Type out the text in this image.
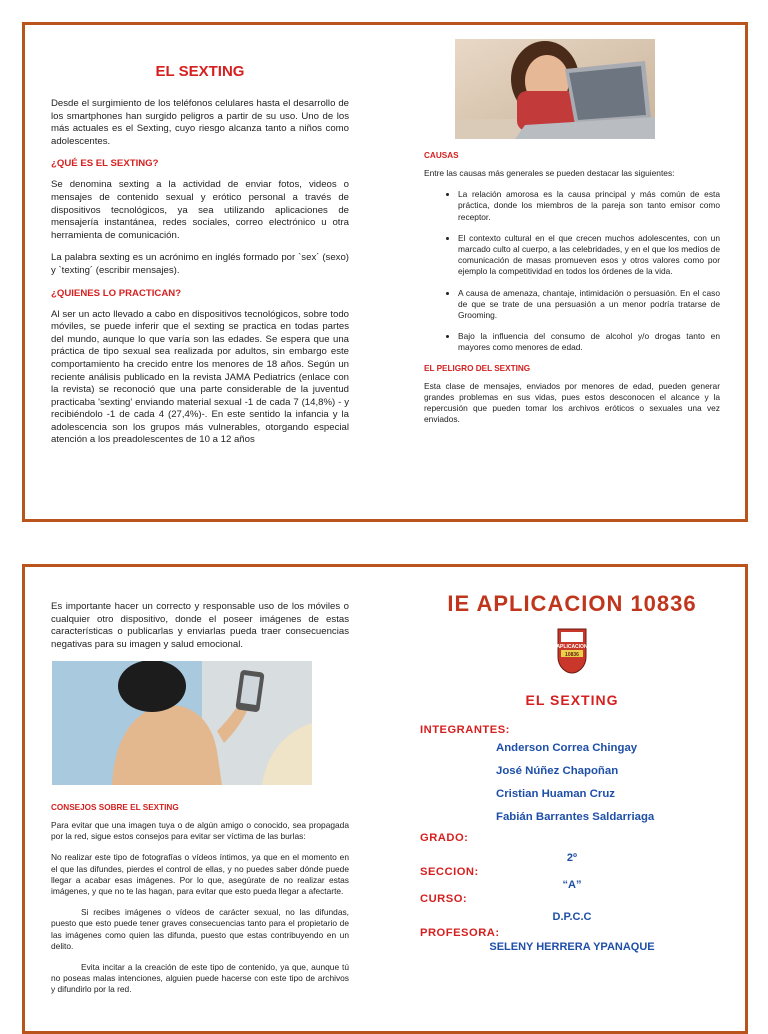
EL SEXTING

Desde el surgimiento de los teléfonos celulares hasta el desarrollo de los smartphones han surgido peligros a partir de su uso. Uno de los más actuales es el Sexting, cuyo riesgo alcanza tanto a niños como adolescentes.

¿QUÉ ES EL SEXTING?

Se denomina sexting a la actividad de enviar fotos, videos o mensajes de contenido sexual y erótico personal a través de dispositivos tecnológicos, ya sea utilizando aplicaciones de mensajería instantánea, redes sociales, correo electrónico u otra herramienta de comunicación.

La palabra sexting es un acrónimo en inglés formado por `sex´ (sexo) y `texting´ (escribir mensajes).

¿QUIENES LO PRACTICAN?

Al ser un acto llevado a cabo en dispositivos tecnológicos, sobre todo móviles, se puede inferir que el sexting se practica en todas partes del mundo, aunque lo que varía son las edades. Se espera que una práctica de tipo sexual sea realizada por adultos, sin embargo este comportamiento ha crecido entre los menores de 18 años. Según un reciente análisis publicado en la revista JAMA Pediatrics (enlace con la revista) se reconoció que una parte considerable de la juventud practicaba 'sexting' enviando material sexual -1 de cada 7 (14,8%) - y recibiéndolo -1 de cada 4 (27,4%)-. En este sentido la infancia y la adolescencia son los grupos más vulnerables, otorgando especial atención a los preadolescentes de 10 a 12 años

CAUSAS

Entre las causas más generales se pueden destacar las siguientes:

• La relación amorosa es la causa principal y más común de esta práctica, donde los miembros de la pareja son tanto emisor como receptor.
• El contexto cultural en el que crecen muchos adolescentes, con un marcado culto al cuerpo, a las celebridades, y en el que los medios de comunicación de masas promueven esos y otros valores como por ejemplo la competitividad en todos los órdenes de la vida.
• A causa de amenaza, chantaje, intimidación o persuasión. En el caso de que se trate de una persuasión a un menor podría tratarse de Grooming.
• Bajo la influencia del consumo de alcohol y/o drogas tanto en mayores como menores de edad.
EL PELIGRO DEL SEXTING

Esta clase de mensajes, enviados por menores de edad, pueden generar grandes problemas en sus vidas, pues estos desconocen el alcance y la repercusión que pueden tomar los archivos eróticos o sexuales una vez enviados.

Es importante hacer un correcto y responsable uso de los móviles o cualquier otro dispositivo, donde el poseer imágenes de estas características o publicarlas y enviarlas pueda traer consecuencias negativas para su imagen y salud emocional.

CONSEJOS SOBRE EL SEXTING

Para evitar que una imagen tuya o de algún amigo o conocido, sea propagada por la red, sigue estos consejos para evitar ser víctima de las burlas:

No realizar este tipo de fotografías o vídeos íntimos, ya que en el momento en el que las difundes, pierdes el control de ellas, y no puedes saber dónde puede llegar a acabar esas imágenes. Por lo que, asegúrate de no realizar estas imágenes, y que no te las hagan, para evitar que esto pueda llegar a afectarte.

Si recibes imágenes o vídeos de carácter sexual, no las difundas, puesto que esto puede tener graves consecuencias tanto para el propietario de las imágenes como quien las difunda, puesto que estas contribuyendo en un delito.

Evita incitar a la creación de este tipo de contenido, ya que, aunque tú no poseas malas intenciones, alguien puede hacerse con este tipo de archivos y difundirlo por la red.

IE APLICACION 10836
APLICACION
10836
EL SEXTING
INTEGRANTES:
Anderson Correa Chingay
José Núñez Chapoñan
Cristian Huaman Cruz
Fabián Barrantes Saldarriaga
GRADO:
2º
SECCION:
“A”
CURSO:
D.P.C.C
PROFESORA:
SELENY HERRERA YPANAQUE
